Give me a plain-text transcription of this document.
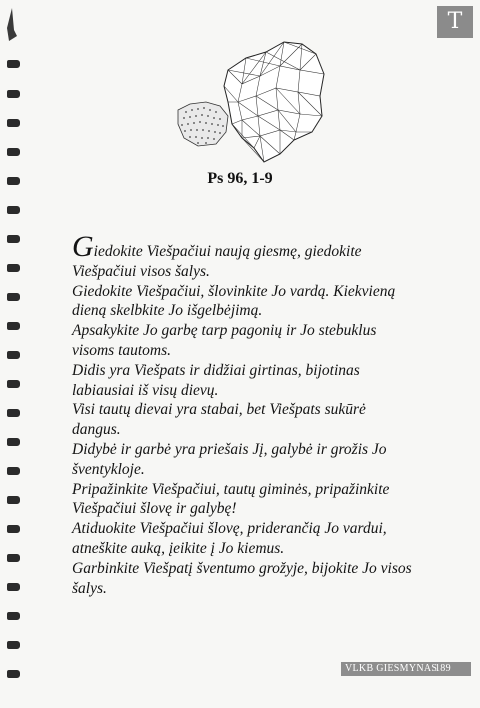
T
Ps 96, 1-9
Giedokite Viešpačiui naują giesmę, giedokite Viešpačiui visos šalys.
Giedokite Viešpačiui, šlovinkite Jo vardą. Kiekvieną dieną skelbkite Jo išgelbėjimą.
Apsakykite Jo garbę tarp pagonių ir Jo stebuklus visoms tautoms.
Didis yra Viešpats ir didžiai girtinas, bijotinas labiausiai iš visų dievų.
Visi tautų dievai yra stabai, bet Viešpats sukūrė dangus.
Didybė ir garbė yra priešais Jį, galybė ir grožis Jo šventykloje.
Pripažinkite Viešpačiui, tautų giminės, pripažinkite Viešpačiui šlovę ir galybę!
Atiduokite Viešpačiui šlovę, priderančią Jo vardui, atneškite auką, įeikite į Jo kiemus.
Garbinkite Viešpatį šventumo grožyje, bijokite Jo visos šalys.
VLKB GIESMYNAS
189
